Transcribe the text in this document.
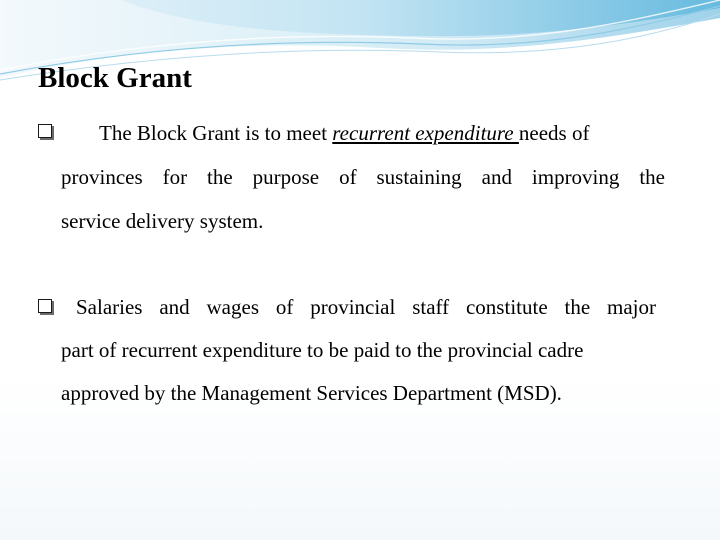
Block Grant
The Block Grant is to meet recurrent expenditure needs of
provinces for the purpose of sustaining and improving the
service delivery system.
Salaries and wages of provincial staff constitute the major
part of recurrent expenditure to be paid to the provincial cadre
approved by the Management Services Department (MSD).
